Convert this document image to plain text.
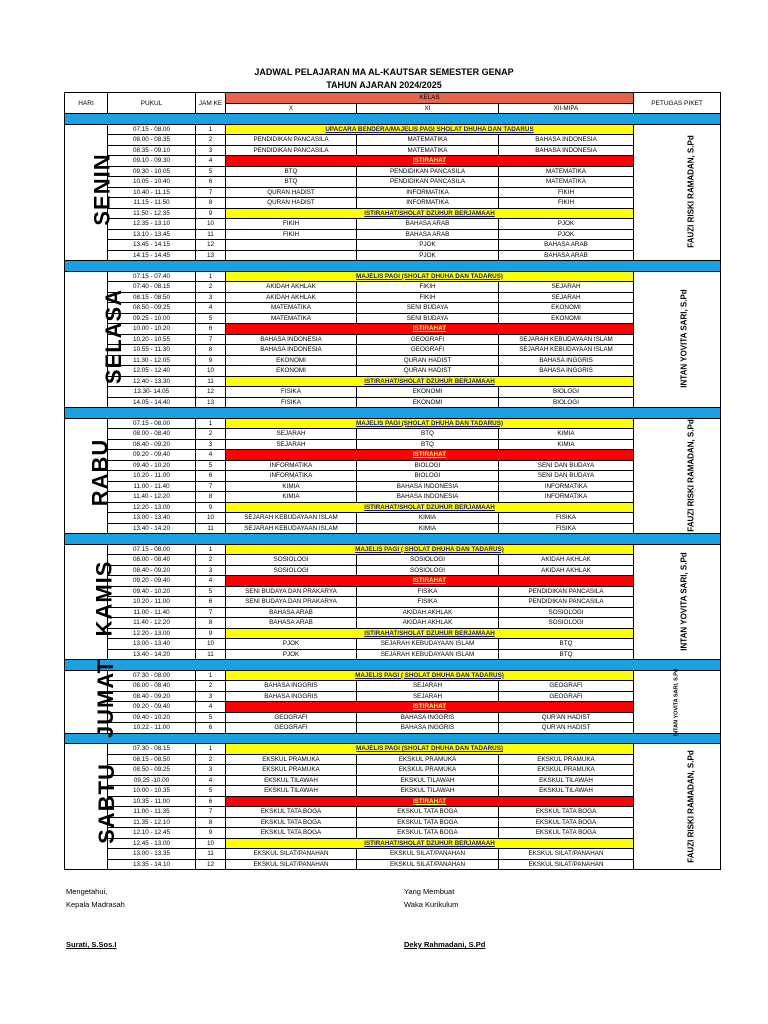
JADWAL PELAJARAN MA AL-KAUTSAR SEMESTER GENAP
TAHUN AJARAN 2024/2025
HARI	PUKUL	JAM KE	KELAS			PETUGAS PIKET
			X	XI	XII-MIPA	

SENIN	07.15 - 08.00	1	UPACARA BENDERA/MAJELIS PAGI SHOLAT DHUHA DAN TADARUS			FAUZI RISKI RAMADAN, S.Pd
	08.00 - 08.35	2	PENDIDIKAN PANCASILA	MATEMATIKA	BAHASA INDONESIA	
	08.35 - 09.10	3	PENDIDIKAN PANCASILA	MATEMATIKA	BAHASA INDONESIA	
	09.10 - 09.30	4	ISTIRAHAT			
	09.30 - 10.05	5	BTQ	PENDIDIKAN PANCASILA	MATEMATIKA	
	10.05 - 10.40	6	BTQ	PENDIDIKAN PANCASILA	MATEMATIKA	
	10.40 - 11.15	7	QURAN HADIST	INFORMATIKA	FIKIH	
	11.15 - 11.50	8	QURAN HADIST	INFORMATIKA	FIKIH	
	11.50 - 12.35	9	ISTIRAHAT/SHOLAT DZUHUR BERJAMAAH			
	12.35 - 13.10	10	FIKIH	BAHASA ARAB	PJOK	
	13.10 - 13.45	11	FIKIH	BAHASA ARAB	PJOK	
	13.45 - 14.15	12		PJOK	BAHASA ARAB	
	14.15 - 14.45	13		PJOK	BAHASA ARAB	

SELASA	07.15 - 07.40	1	MAJELIS PAGI (SHOLAT DHUHA DAN TADARUS)			INTAN YOVITA SARI, S.Pd
	07.40 - 08.15	2	AKIDAH AKHLAK	FIKIH	SEJARAH	
	08.15 - 08.50	3	AKIDAH AKHLAK	FIKIH	SEJARAH	
	08.50 - 09.25	4	MATEMATIKA	SENI BUDAYA	EKONOMI	
	09.25 - 10.00	5	MATEMATIKA	SENI BUDAYA	EKONOMI	
	10.00 - 10.20	6	ISTIRAHAT			
	10.20 - 10.55	7	BAHASA INDONESIA	GEOGRAFI	SEJARAH KEBUDAYAAN ISLAM	
	10.55 - 11.30	8	BAHASA INDONESIA	GEOGRAFI	SEJARAH KEBUDAYAAN ISLAM	
	11.30 - 12.05	9	EKONOMI	QURAN HADIST	BAHASA INGGRIS	
	12.05 - 12.40	10	EKONOMI	QURAN HADIST	BAHASA INGGRIS	
	12.40 - 13.30	11	ISTIRAHAT/SHOLAT DZUHUR BERJAMAAH			
	13.30- 14.05	12	FISIKA	EKONOMI	BIOLOGI	
	14.05 - 14.40	13	FISIKA	EKONOMI	BIOLOGI	

RABU	07.15 - 08.00	1	MAJELIS PAGI (SHOLAT DHUHA DAN TADARUS)			FAUZI RISKI RAMADAN, S.Pd
	08.00 - 08.40	2	SEJARAH	BTQ	KIMIA	
	08.40 - 09.20	3	SEJARAH	BTQ	KIMIA	
	09.20 - 09.40	4	ISTIRAHAT			
	09.40 - 10.20	5	INFORMATIKA	BIOLOGI	SENI DAN BUDAYA	
	10.20 - 11.00	6	INFORMATIKA	BIOLOGI	SENI DAN BUDAYA	
	11.00 - 11.40	7	KIMIA	BAHASA INDONESIA	INFORMATIKA	
	11.40 - 12.20	8	KIMIA	BAHASA INDONESIA	INFORMATIKA	
	12.20 - 13.00	9	ISTIRAHAT/SHOLAT DZUHUR BERJAMAAH			
	13.00 - 13.40	10	SEJARAH KEBUDAYAAN ISLAM	KIMIA	FISIKA	
	13.40 - 14.20	11	SEJARAH KEBUDAYAAN ISLAM	KIMIA	FISIKA	

KAMIS	07.15 - 08.00	1	MAJELIS PAGI ( SHOLAT DHUHA DAN TADARUS)			INTAN YOVITA SARI, S.Pd
	08.00 - 08.40	2	SOSIOLOGI	SOSIOLOGI	AKIDAH AKHLAK	
	08.40 - 09.20	3	SOSIOLOGI	SOSIOLOGI	AKIDAH AKHLAK	
	09.20 - 09.40	4	ISTIRAHAT			
	09.40 - 10.20	5	SENI BUDAYA DAN PRAKARYA	FISIKA	PENDIDIKAN PANCASILA	
	10.20 - 11.00	6	SENI BUDAYA DAN PRAKARYA	FISIKA	PENDIDIKAN PANCASILA	
	11.00 - 11.40	7	BAHASA ARAB	AKIDAH AKHLAK	SOSIOLOGI	
	11.40 - 12.20	8	BAHASA ARAB	AKIDAH AKHLAK	SOSIOLOGI	
	12.20 - 13.00	9	ISTIRAHAT/SHOLAT DZUHUR BERJAMAAH			
	13.00 - 13.40	10	PJOK	SEJARAH KEBUDAYAAN ISLAM	BTQ	
	13.40 - 14.20	11	PJOK	SEJARAH KEBUDAYAAN ISLAM	BTQ	

JUMAT	07.30 - 08.00	1	MAJELIS PAGI ( SHOLAT DHUHA DAN TADARUS)			INTAN YOVITA SARI, S.Pd
	08.00 - 08.40	2	BAHASA INGGRIS	SEJARAH	GEOGRAFI	
	08.40 - 09.20	3	BAHASA INGGRIS	SEJARAH	GEOGRAFI	
	09.20 - 09.40	4	ISTIRAHAT			
	09.40 - 10.20	5	GEOGRAFI	BAHASA INGGRIS	QUR'AN HADIST	
	10.22 - 11.00	6	GEOGRAFI	BAHASA INGGRIS	QUR'AN HADIST	

SABTU	07.30 - 08.15	1	MAJELIS PAGI (SHOLAT DHUHA DAN TADARUS)			FAUZI RISKI RAMADAN, S.Pd
	08.15 - 08.50	2	EKSKUL PRAMUKA	EKSKUL PRAMUKA	EKSKUL PRAMUKA	
	08.50 - 09.25	3	EKSKUL PRAMUKA	EKSKUL PRAMUKA	EKSKUL PRAMUKA	
	09.25 -10.00	4	EKSKUL TILAWAH	EKSKUL TILAWAH	EKSKUL TILAWAH	
	10.00 - 10.35	5	EKSKUL TILAWAH	EKSKUL TILAWAH	EKSKUL TILAWAH	
	10.35 - 11.00	6	ISTIRAHAT			
	11.00 - 11.35	7	EKSKUL TATA BOGA	EKSKUL TATA BOGA	EKSKUL TATA BOGA	
	11.35 - 12.10	8	EKSKUL TATA BOGA	EKSKUL TATA BOGA	EKSKUL TATA BOGA	
	12.10 - 12.45	9	EKSKUL TATA BOGA	EKSKUL TATA BOGA	EKSKUL TATA BOGA	
	12.45 - 13.00	10	ISTIRAHAT/SHOLAT DZUHUR BERJAMAAH			
	13.00 - 13.35	11	EKSKUL SILAT/PANAHAN	EKSKUL SILAT/PANAHAN	EKSKUL SILAT/PANAHAN	
	13.35 - 14.10	12	EKSKUL SILAT/PANAHAN	EKSKUL SILAT/PANAHAN	EKSKUL SILAT/PANAHAN	
Mengetahui,
Kepala Madrasah
Surati, S.Sos.I
Yang Membuat
Waka Kurikulum
Deky Rahmadani, S.Pd
